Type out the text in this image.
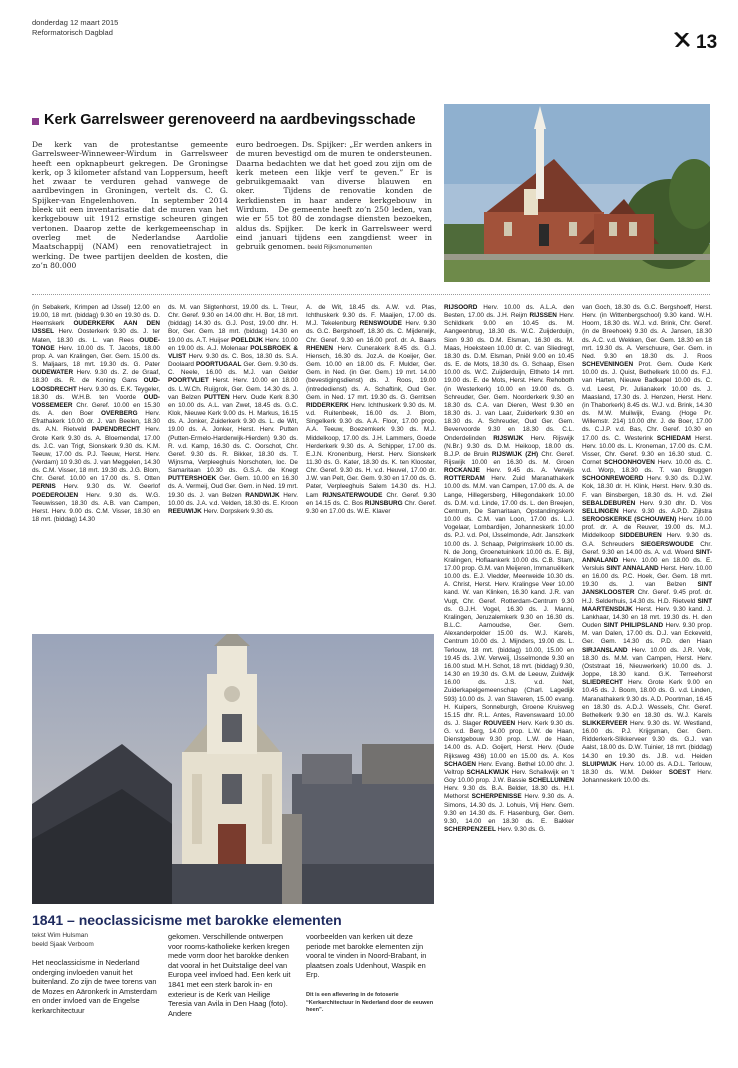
donderdag 12 maart 2015
Reformatorisch Dagblad	13
Kerk Garrelsweer gerenoveerd na aardbevingsschade
De kerk van de protestantse gemeente Garrelsweer-Winneweer-Wirdum in Garrelsweer heeft een opknapbeurt gekregen. De Groningse kerk, op 3 kilometer afstand van Loppersum, heeft het zwaar te verduren gehad vanwege de aardbevingen in Groningen, vertelt ds. C. G. Spijker-van Engelenhoven.   In september 2014 bleek uit een inventarisatie dat de muren van het kerkgebouw uit 1912 ernstige scheuren gingen vertonen. Daarop zette de kerkgemeenschap in overleg met de Nederlandse Aardolie Maatschappij (NAM) een renovatietraject in werking. De twee partijen deelden de kosten, die zo’n 80.000
euro bedroegen. Ds. Spijker: „Er werden ankers in de muren bevestigd om de muren te ondersteunen. Daarna bedachten we dat het goed zou zijn om de kerk meteen een likje verf te geven.” Er is gebruikgemaakt van diverse blauwen en oker.   Tijdens de renovatie konden de kerkdiensten in haar andere kerkgebouw in Wirdum.   De gemeente heeft zo’n 250 leden, van wie er 55 tot 80 de zondagse diensten bezoeken, aldus ds. Spijker.   De kerk in Garrelsweer werd eind januari tijdens een zangdienst weer in gebruik genomen. beeld Rijksmonumenten
(in Sebakerk, Krimpen ad IJssel) 12.00 en 19.00, 18 mrt. (biddag) 9.30 en 19.30 ds. D. Heemskerk OUDERKERK AAN DEN IJSSEL Herv. Oosterkerk 9.30 ds. J. ter Maten, 18.30 ds. L. van Rees OUDE-TONGE Herv. 10.00 ds. T. Jacobs, 18.00 prop. A. van Kralingen, Ger. Gem. 15.00 ds. S. Maljaars, 18 mrt. 19.30 ds. G. Pater OUDEWATER Herv. 9.30 ds. Z. de Graaf, 18.30 ds. R. de Koning Gans OUD-LOOSDRECHT Herv. 9.30 ds. E.K. Teygeler, 18.30 ds. W.H.B. ten Voorde OUD-VOSSEMEER Chr. Geref. 10.00 en 15.30 ds. A. den Boer OVERBERG Herv. Efrathakerk 10.00 dr. J. van Beelen, 18.30 ds. A.N. Rietveld PAPENDRECHT Herv. Grote Kerk 9.30 ds. A. Bloemendal, 17.00 ds. J.C. van Trigt, Sionskerk 9.30 ds. K.M. Teeuw, 17.00 ds. P.J. Teeuw, Herst. Herv. (Verdam) 10 9.30 ds. J. van Meggelen, 14.30 ds. C.M. Visser, 18 mrt. 19.30 ds. J.G. Blom, Chr. Geref. 10.00 en 17.00 ds. S. Otten PERNIS Herv. 9.30 ds. W. Geerlof POEDEROIJEN Herv. 9.30 ds. W.G. Teeuwissen, 18.30 ds. A.B. van Campen, Herst. Herv. 9.00 ds. C.M. Visser, 18.30 en 18 mrt. (biddag) 14.30
ds. M. van Sligtenhorst, 19.00 ds. L. Treur, Chr. Geref. 9.30 en 14.00 dhr. H. Bor, 18 mrt. (biddag) 14.30 ds. G.J. Post, 19.00 dhr. H. Bor, Ger. Gem. 18 mrt. (biddag) 14.30 en 19.00 ds. A.T. Huijser POELDIJK Herv. 10.00 en 19.00 ds. A.J. Molenaar POLSBROEK & VLIST Herv. 9.30 ds. C. Bos, 18.30 ds. S.A. Doolaard POORTUGAAL Ger. Gem. 9.30 ds. C. Neele, 16.00 ds. M.J. van Gelder POORTVLIET Herst. Herv. 10.00 en 18.00 ds. L.W.Ch. Ruijgrok, Ger. Gem. 14.30 ds. J. van Belzen PUTTEN Herv. Oude Kerk 8.30 en 10.00 ds. A.L. van Zwet, 18.45 ds. G.C. Klok, Nieuwe Kerk 9.00 ds. H. Markus, 16.15 ds. A. Jonker, Zuiderkerk 9.30 ds. L. de Wit, 19.00 ds. A. Jonker, Herst. Herv. Putten (Putten-Ermelo-Harderwijk-Hierden) 9.30 ds. R. v.d. Kamp, 16.30 ds. C. Oorschot, Chr. Geref. 9.30 ds. R. Bikker, 18.30 ds. T. Wijnsma, Verpleeghuis Norschoten, loc. De Samaritaan 10.30 ds. G.S.A. de Knegt PUTTERSHOEK Ger. Gem. 10.00 en 16.30 ds. A. Vermeij, Oud Ger. Gem. in Ned. 19 mrt. 19.30 ds. J. van Belzen RANDWIJK Herv. 10.00 ds. J.A. v.d. Velden, 18.30 ds. E. Kroon REEUWIJK Herv. Dorpskerk 9.30 ds.
A. de Wit, 18.45 ds. A.W. v.d. Plas, Ichthuskerk 9.30 ds. F. Maaijen, 17.00 ds. M.J. Tekelenburg RENSWOUDE Herv. 9.30 ds. G.C. Bergshoeff, 18.30 ds. C. Mijderwijk, Chr. Geref. 9.30 en 16.00 prof. dr. A. Baars RHENEN Herv. Cunerakerk 8.45 ds. G.J. Hiensch, 16.30 ds. Joz.A. de Koeijer, Ger. Gem. 10.00 en 18.00 ds. F. Mulder, Ger. Gem. in Ned. (in Ger. Gem.) 19 mrt. 14.00 (bevestigingsdienst) ds. J. Roos, 19.00 (intrededienst) ds. A. Schaftink, Oud Ger. Gem. in Ned. 17 mrt. 19.30 ds. G. Gerritsen RIDDERKERK Herv. Ichthuskerk 9.30 ds. M. v.d. Ruitenbeek, 16.00 ds. J. Blom, Singelkerk 9.30 ds. A.A. Floor, 17.00 prop. A.A. Teeuw, Boezemkerk 9.30 ds. M.J. Middelkoop, 17.00 ds. J.H. Lammers, Goede Herderkerk 9.30 ds. A. Schipper, 17.00 ds. E.J.N. Kronenburg, Herst. Herv. Sionskerk 11.30 ds. G. Kater, 18.30 ds. K. ten Klooster, Chr. Geref. 9.30 ds. H. v.d. Heuvel, 17.00 dr. J.W. van Pelt, Ger. Gem. 9.30 en 17.00 ds. G. Pater, Verpleeghuis Salem 14.30 ds. H.J. Lam RIJNSATERWOUDE Chr. Geref. 9.30 en 14.15 ds. C. Bos RIJNSBURG Chr. Geref. 9.30 en 17.00 ds. W.E. Klaver
RIJSOORD Herv. 10.00 ds. A.L.A. den Besten, 17.00 ds. J.H. Reijm RIJSSEN Herv. Schildkerk 9.00 en 10.45 ds. M. Aangeenbrug, 18.30 ds. W.C. Zuijderduijn, Sion 9.30 ds. D.M. Elsman, 16.30 ds. M. Maas, Hoeksteen 10.00 dr. C. van Sliedregt, 18.30 ds. D.M. Elsman, Pniël 9.00 en 10.45 ds. E. de Mots, 18.30 ds. G. Schaap, Elsen 10.00 ds. W.C. Zuijderduijn, Eltheto 14 mrt. 19.00 ds. E. de Mots, Herst. Herv. Rehoboth (in Westerkerk) 10.00 en 19.00 ds. G. Schreuder, Ger. Gem. Noorderkerk 9.30 en 18.30 ds. C.A. van Dieren, West 9.30 en 18.30 ds. J. van Laar, Zuiderkerk 9.30 en 18.30 ds. A. Schreuder, Oud Ger. Gem. Bevervoorde 9.30 en 18.30 ds. C.L. Onderdelinden RIJSWIJK Herv. Rijswijk (N.Br.) 9.30 ds. D.M. Heikoop, 18.00 ds. B.J.P. de Bruin RIJSWIJK (ZH) Chr. Geref. Rijswijk 10.00 en 16.30 ds. M. Groen ROCKANJE Herv. 9.45 ds. A. Verwijs ROTTERDAM Herv. Zuid Maranathakerk 10.00 ds. M.M. van Campen, 17.00 ds. A. de Lange, Hillegersberg, Hillegondakerk 10.00 ds. D.M. v.d. Linde, 17.00 ds. L. den Breejen, Centrum, De Samaritaan, Opstandingskerk 10.00 ds. C.M. van Loon, 17.00 ds. L.J. Vogelaar, Lombardijen, Johanneskerk 10.00 ds. P.J. v.d. Pol, IJsselmonde, Adr. Janszkerk 10.00 ds. J. Schaap, Pelgrimskerk 10.00 ds. N. de Jong, Groenetuinkerk 10.00 ds. E. Bijl, Kralingen, Hoflaankerk 10.00 ds. C.B. Stam, 17.00 prop. G.M. van Meijeren, Immanuëlkerk 10.00 ds. E.J. Vledder, Meerweide 10.30 ds. A. Christ, Herst. Herv. Kralingse Veer 10.00 kand. W. van Klinken, 16.30 kand. J.R. van Vugt, Chr. Geref. Rotterdam-Centrum 9.30 ds. G.J.H. Vogel, 16.30 ds. J. Manni, Kralingen, Jeruzalemkerk 9.30 en 16.30 ds. B.L.C. Aarnoudse, Ger. Gem. Alexanderpolder 15.00 ds. W.J. Karels, Centrum 10.00 ds. J. Mijnders, 19.00 ds. L. Terlouw, 18 mrt. (biddag) 10.00, 15.00 en 19.45 ds. J.W. Verweij, IJsselmonde 9.30 en 16.00 stud. M.H. Schot, 18 mrt. (biddag) 9.30, 14.30 en 19.30 ds. G.M. de Leeuw, Zuidwijk 16.00 ds. J.S. v.d. Net, Zuiderkapelgemeenschap (Charl. Lagedijk 593) 10.00 ds. J. van Staveren, 15.00 evang. H. Kuipers, Sonneburgh, Groene Kruisweg 15.15 dhr. R.L. Antes, Ravenswaard 10.00 ds. J. Slager ROUVEEN Herv. Kerk 9.30 ds. G. v.d. Berg, 14.00 prop. L.W. de Haan, Dienstgebouw 9.30 prop. L.W. de Haan, 14.00 ds. A.D. Goijert, Herst. Herv. (Oude Rijksweg 436) 10.00 en 15.00 ds. A. Kos SCHAGEN Herv. Evang. Bethel 10.00 dhr. J. Veltrop SCHALKWIJK Herv. Schalkwijk en 't Goy 10.00 prop. J.W. Bassie SCHELLUINEN Herv. 9.30 ds. B.A. Belder, 18.30 ds. H.I. Methorst SCHERPENISSE Herv. 9.30 ds. A. Simons, 14.30 ds. J. Lohuis, Vrij Herv. Gem. 9.30 en 14.30 ds. F. Hasenburg, Ger. Gem. 9.30, 14.00 en 18.30 ds. E. Bakker SCHERPENZEEL Herv. 9.30 ds. G.
van Goch, 18.30 ds. G.C. Bergshoeff, Herst. Herv. (in Wittenbergschool) 9.30 kand. W.H. Hoorn, 18.30 ds. W.J. v.d. Brink, Chr. Geref. (in de Breehoek) 9.30 ds. A. Jansen, 18.30 ds. A.C. v.d. Wekken, Ger. Gem. 18.30 en 18 mrt. 19.30 ds. A. Verschuure, Ger. Gem. in Ned. 9.30 en 18.30 ds. J. Roos SCHEVENINGEN Prot. Gem. Oude Kerk 10.00 ds. J. Quist, Bethelkerk 10.00 ds. F.J. van Harten, Nieuwe Badkapel 10.00 ds. C. v.d. Leest, Pr. Julianakerk 10.00 ds. J. Maasland, 17.30 ds. J. Henzen, Herst. Herv. (in Thaborkerk) 8.45 ds. W.J. v.d. Brink, 14.30 ds. M.W. Muilwijk, Evang. (Hoge Pr. Willemstr. 214) 10.00 dhr. J. de Boer, 17.00 ds. C.J.P. v.d. Bas, Chr. Geref. 10.30 en 17.00 ds. C. Westerink SCHIEDAM Herst. Herv. 10.00 ds. L. Kroneman, 17.00 ds. C.M. Visser, Chr. Geref. 9.30 en 16.30 stud. C. Cornet SCHOONHOVEN Herv. 10.00 ds. C. v.d. Worp, 18.30 ds. T. van Bruggen SCHOONREWOERD Herv. 9.30 ds. D.J.W. Kok, 18.30 dr. H. Klink, Herst. Herv. 9.30 ds. F. van Binsbergen, 18.30 ds. H. v.d. Ziel SEBALDEBUREN Herv. 9.30 dhr. D. Vos SELLINGEN Herv. 9.30 ds. A.P.D. Zijlstra SEROOSKERKE (SCHOUWEN) Herv. 10.00 prof. dr. A. de Reuver, 19.00 ds. M.J. Middelkoop SIDDEBUREN Herv. 9.30 ds. G.A. Schreuders SIEGERSWOUDE Chr. Geref. 9.30 en 14.00 ds. A. v.d. Woerd SINT-ANNALAND Herv. 10.00 en 18.00 ds. E. Versluis SINT ANNALAND Herst. Herv. 10.00 en 16.00 ds. P.C. Hoek, Ger. Gem. 18 mrt. 19.30 ds. J. van Belzen SINT JANSKLOOSTER Chr. Geref. 9.45 prof. dr. H.J. Selderhuis, 14.30 ds. H.D. Rietveld SINT MAARTENSDIJK Herst. Herv. 9.30 kand. J. Lankhaar, 14.30 en 18 mrt. 19.30 ds. H. den Ouden SINT PHILIPSLAND Herv. 9.30 prop. M. van Dalen, 17.00 ds. D.J. van Eckeveld, Ger. Gem. 14.30 ds. P.D. den Haan SIRJANSLAND Herv. 10.00 ds. J.R. Volk, 18.30 ds. M.M. van Campen, Herst. Herv. (Oststraat 16, Nieuwerkerk) 10.00 ds. J. Joppe, 18.30 kand. G.K. Terreehorst SLIEDRECHT Herv. Grote Kerk 9.00 en 10.45 ds. J. Boom, 18.00 ds. G. v.d. Linden, Maranathakerk 9.30 ds. A.D. Poortman, 16.45 en 18.30 ds. A.D.J. Wessels, Chr. Geref. Bethelkerk 9.30 en 18.30 ds. W.J. Karels SLIKKERVEER Herv. 9.30 ds. W. Westland, 16.00 ds. P.J. Krijgsman, Ger. Gem. Ridderkerk-Slikkerveer 9.30 ds. G.J. van Aalst, 18.00 ds. D.W. Tuinier, 18 mrt. (biddag) 14.30 en 19.30 ds. J.B. v.d. Heiden SLUIPWIJK Herv. 10.00 ds. A.D.L. Terlouw, 18.30 ds. W.M. Dekker SOEST Herv. Johanneskerk 10.00 ds.
1841 – neoclassicisme met barokke elementen
tekst Wim Hulsman
beeld Sjaak Verboom
Het neoclassicisme in Nederland onderging invloeden vanuit het buitenland. Zo zijn de twee torens van de Mozes en Aäronkerk in Amsterdam en onder invloed van de Engelse kerkarchitectuur
gekomen. Verschillende ontwerpen voor rooms-katholieke kerken kregen mede vorm door het barokke denken dat vooral in het Duitstalige deel van Europa veel invloed had. Een kerk uit 1841 met een sterk barok in- en exterieur is de Kerk van Heilige Teresia van Avila in Den Haag (foto). Andere
voorbeelden van kerken uit deze periode met barokke elementen zijn vooral te vinden in Noord-Brabant, in plaatsen zoals Udenhout, Waspik en Erp.
Dit is een aflevering in de fotoserie “Kerkarchitectuur in Nederland door de eeuwen heen”.
